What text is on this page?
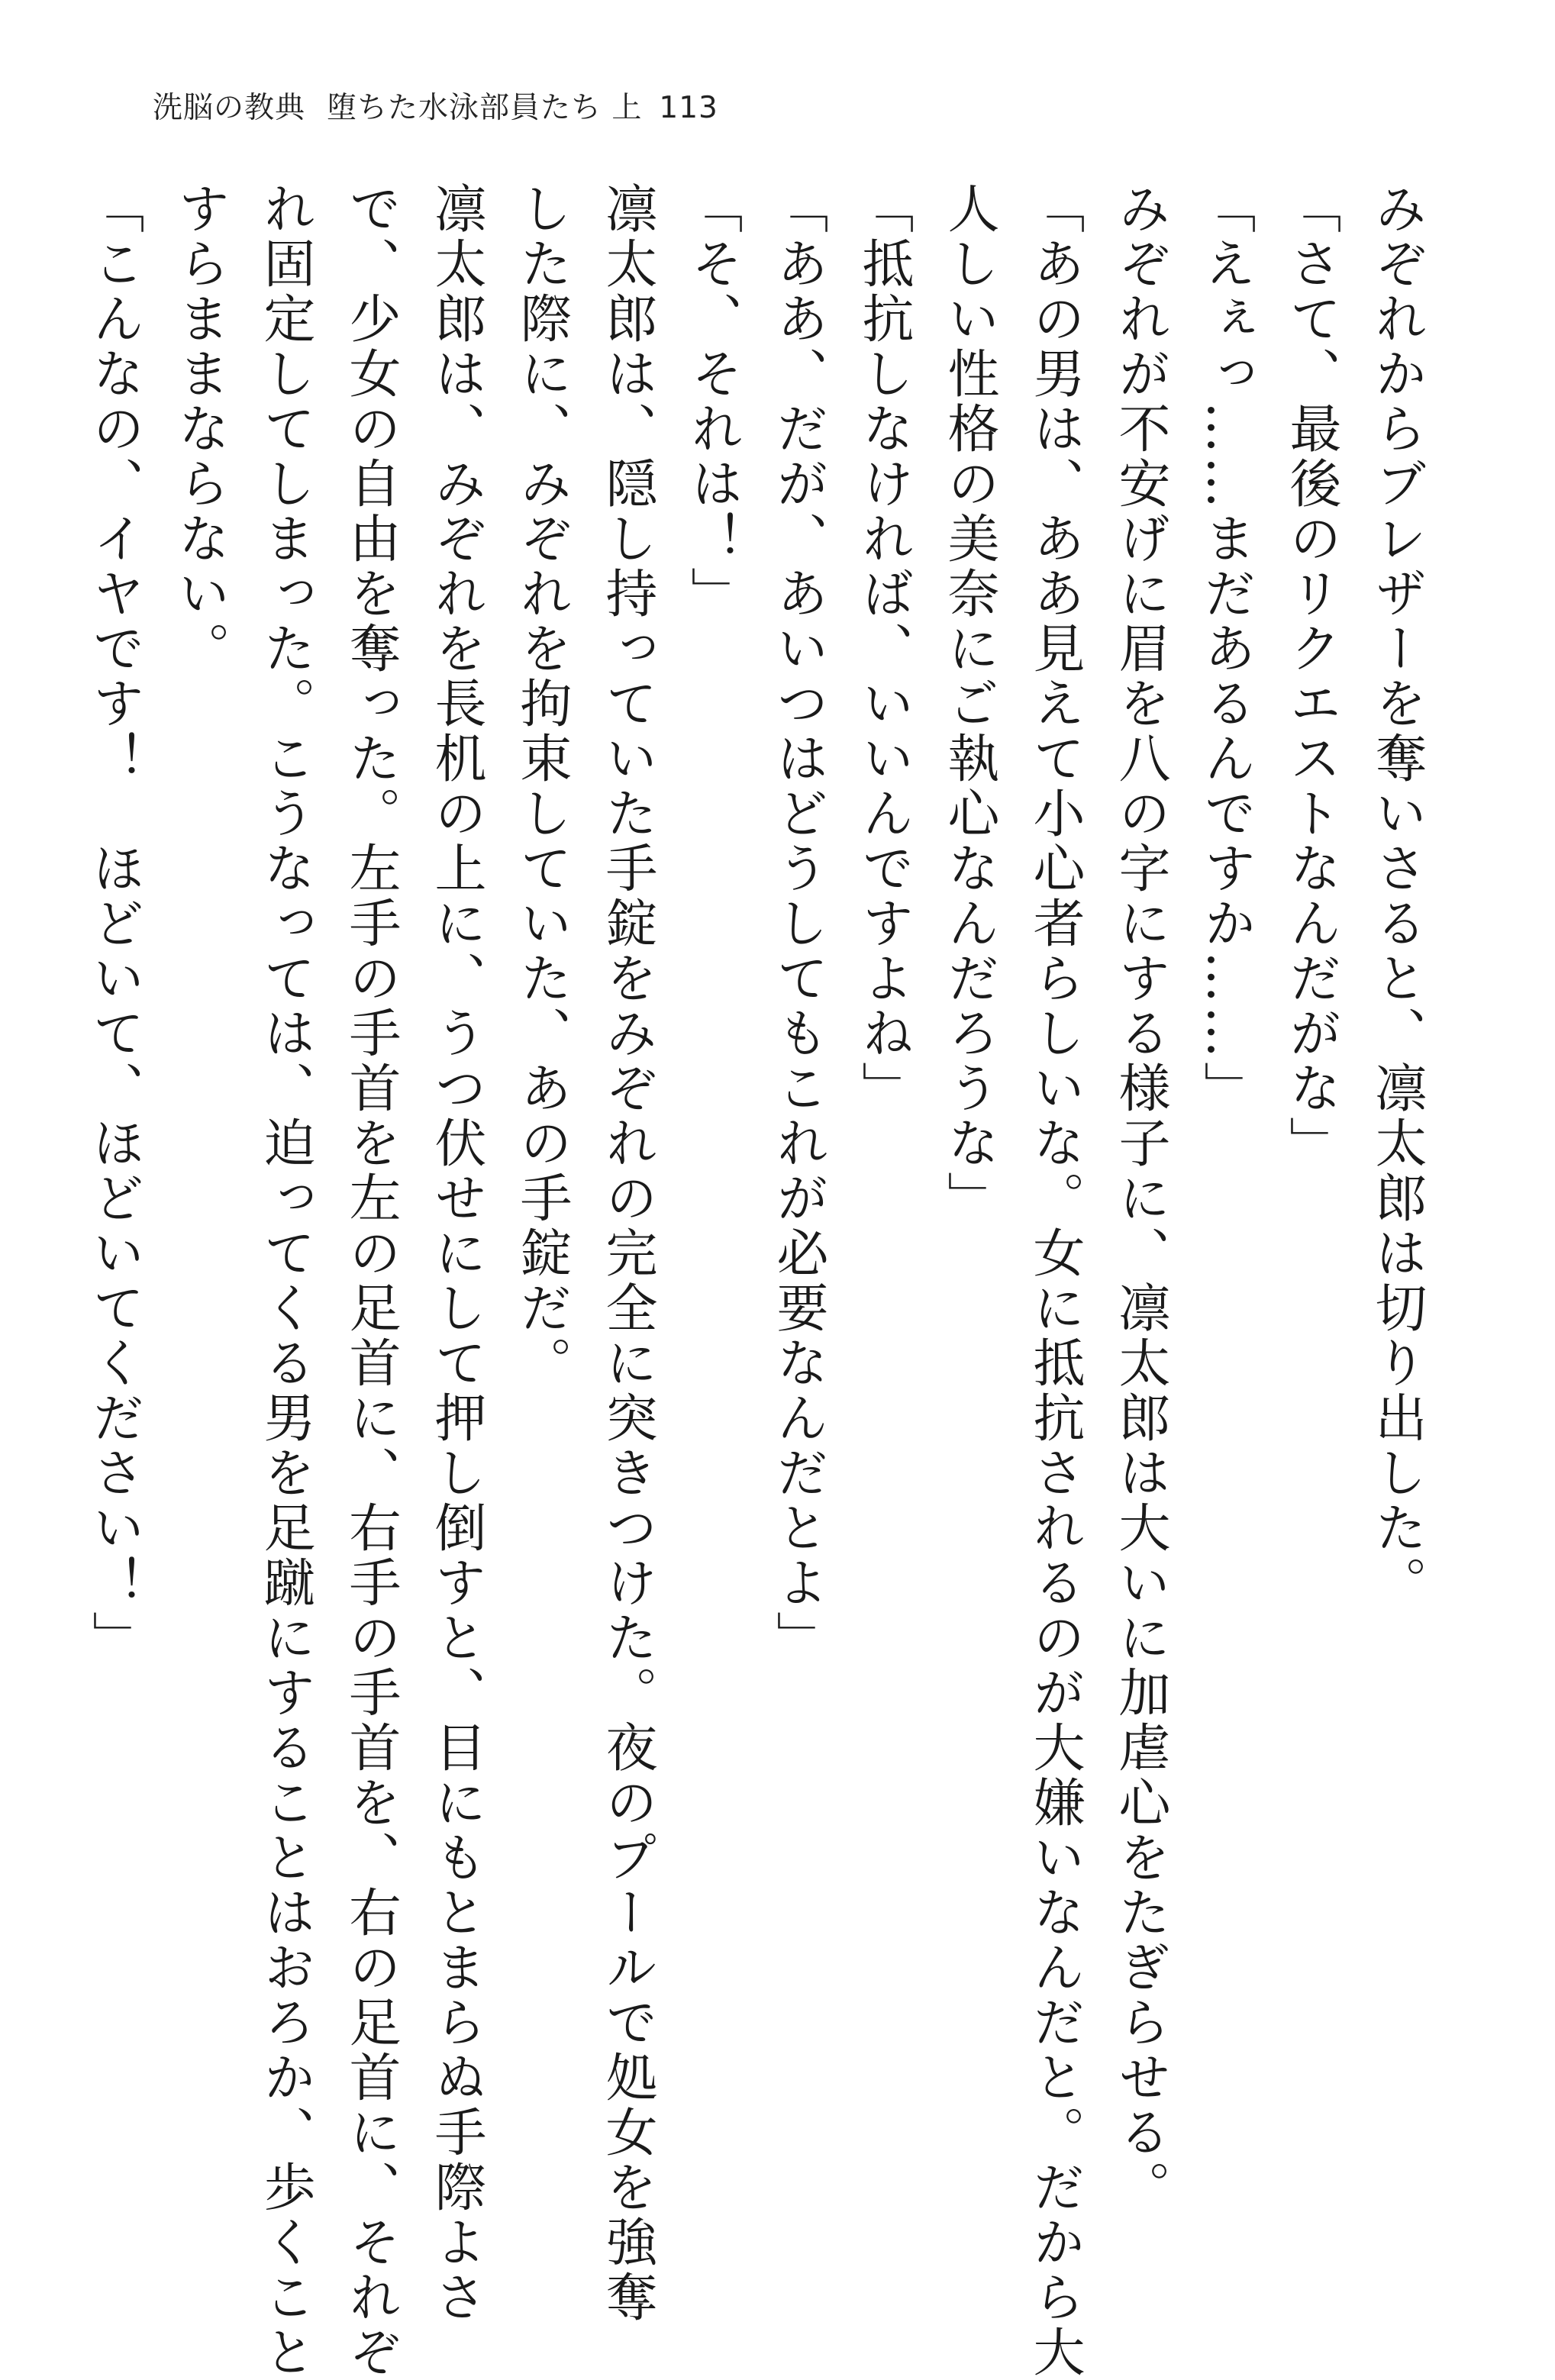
洗脳の教典 堕ちた水泳部員たち 上 113
みぞれからブレザーを奪いさると、凛太郎は切り出した。
「さて、最後のリクエストなんだがな」
「えぇっ……まだあるんですか……」
みぞれが不安げに眉を八の字にする様子に、凛太郎は大いに加虐心をたぎらせる。
「あの男は、ああ見えて小心者らしいな。女に抵抗されるのが大嫌いなんだと。だから大
人しい性格の美奈にご執心なんだろうな」
「抵抗しなければ、いいんですよね」
「ああ、だが、あいつはどうしてもこれが必要なんだとよ」
「そ、それは！」
凛太郎は、隠し持っていた手錠をみぞれの完全に突きつけた。夜のプールで処女を強奪
した際に、みぞれを拘束していた、あの手錠だ。
凛太郎は、みぞれを長机の上に、うつ伏せにして押し倒すと、目にもとまらぬ手際よさ
で、少女の自由を奪った。左手の手首を左の足首に、右手の手首を、右の足首に、それぞ
れ固定してしまった。こうなっては、迫ってくる男を足蹴にすることはおろか、歩くこと
すらままならない。
「こんなの、イヤです！　ほどいて、ほどいてください！」
